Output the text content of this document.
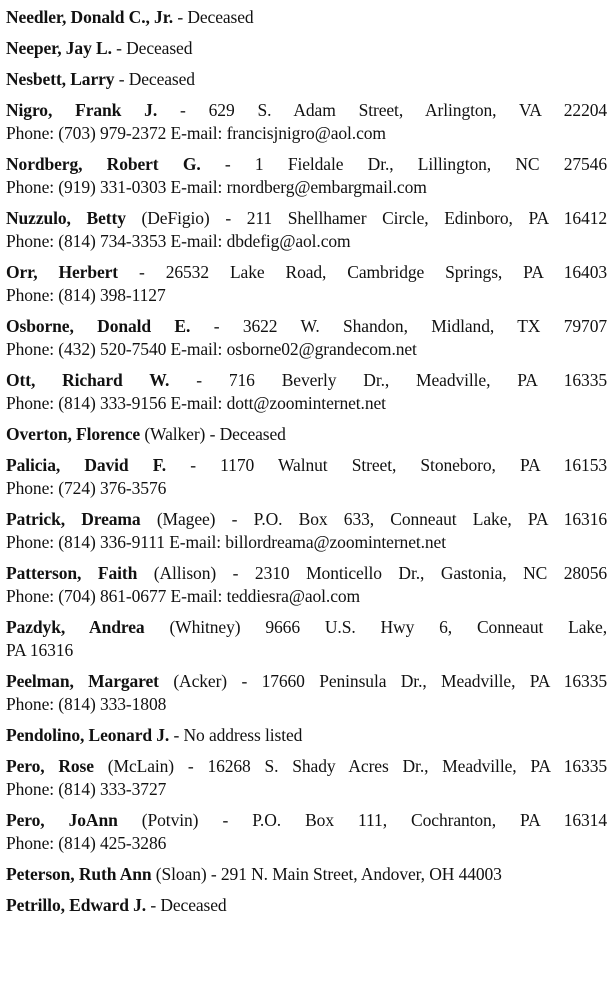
Needler, Donald C., Jr. - Deceased
Neeper, Jay L. - Deceased
Nesbett, Larry - Deceased
Nigro, Frank J. - 629 S. Adam Street, Arlington, VA 22204
Phone: (703) 979-2372 E-mail: francisjnigro@aol.com
Nordberg, Robert G. - 1 Fieldale Dr., Lillington, NC 27546
Phone: (919) 331-0303 E-mail: rnordberg@embargmail.com
Nuzzulo, Betty (DeFigio) - 211 Shellhamer Circle, Edinboro, PA 16412
Phone: (814) 734-3353 E-mail: dbdefig@aol.com
Orr, Herbert - 26532 Lake Road, Cambridge Springs, PA 16403
Phone: (814) 398-1127
Osborne, Donald E. - 3622 W. Shandon, Midland, TX 79707
Phone: (432) 520-7540 E-mail: osborne02@grandecom.net
Ott, Richard W. - 716 Beverly Dr., Meadville, PA 16335
Phone: (814) 333-9156 E-mail: dott@zoominternet.net
Overton, Florence (Walker) - Deceased
Palicia, David F. - 1170 Walnut Street, Stoneboro, PA 16153
Phone: (724) 376-3576
Patrick, Dreama (Magee) - P.O. Box 633, Conneaut Lake, PA 16316
Phone: (814) 336-9111 E-mail: billordreama@zoominternet.net
Patterson, Faith (Allison) - 2310 Monticello Dr., Gastonia, NC 28056
Phone: (704) 861-0677 E-mail: teddiesra@aol.com
Pazdyk, Andrea (Whitney) 9666 U.S. Hwy 6, Conneaut Lake,
PA 16316
Peelman, Margaret (Acker) - 17660 Peninsula Dr., Meadville, PA 16335
Phone: (814) 333-1808
Pendolino, Leonard J. - No address listed
Pero, Rose (McLain) - 16268 S. Shady Acres Dr., Meadville, PA 16335
Phone: (814) 333-3727
Pero, JoAnn (Potvin) - P.O. Box 111, Cochranton, PA 16314
Phone: (814) 425-3286
Peterson, Ruth Ann (Sloan) - 291 N. Main Street, Andover, OH 44003
Petrillo, Edward J. - Deceased
